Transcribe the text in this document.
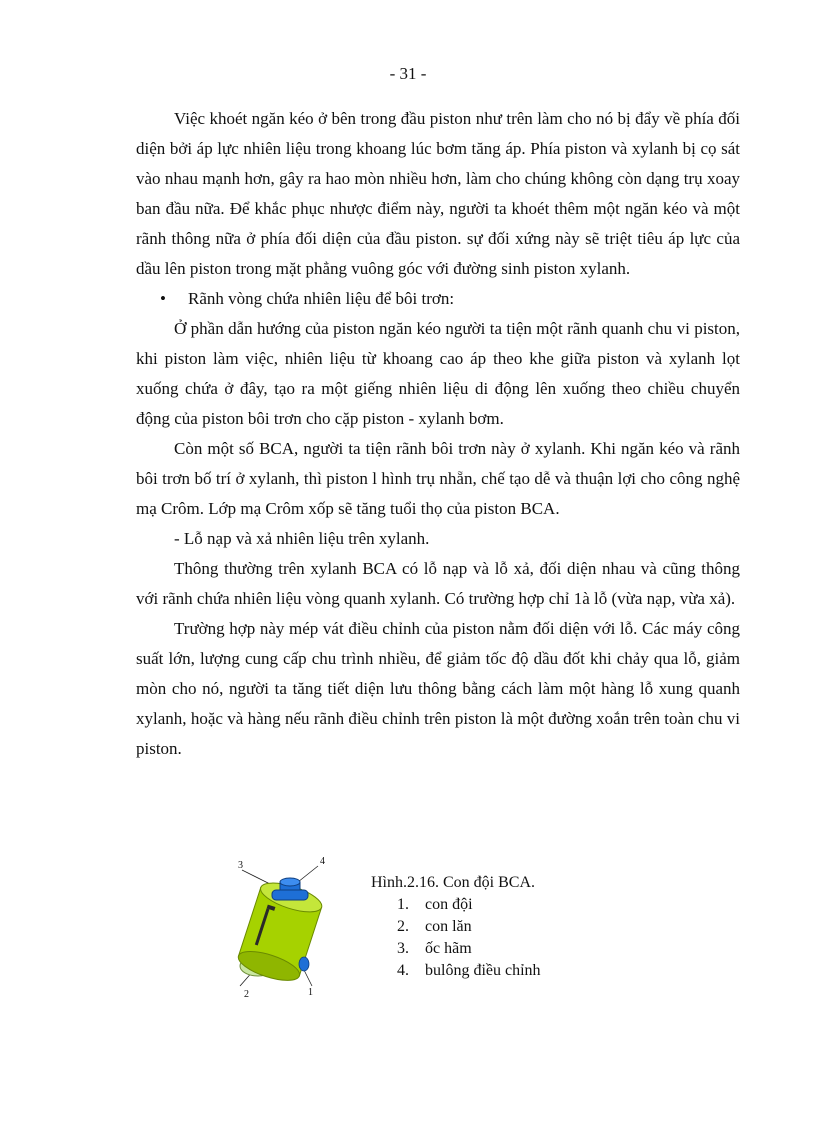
- 31 -

Việc khoét ngăn kéo ở bên trong đầu piston như trên làm cho nó bị đẩy về phía đối diện bởi áp lực nhiên liệu trong khoang lúc bơm tăng áp. Phía piston và xylanh bị cọ sát vào nhau mạnh hơn, gây ra hao mòn nhiều hơn, làm cho chúng không còn dạng trụ xoay ban đầu nữa. Để khắc phục nhược điểm này, người ta khoét thêm một ngăn kéo và một rãnh thông nữa ở phía đối diện của đầu piston. sự đối xứng này sẽ triệt tiêu áp lực của dầu lên piston trong mặt phẳng vuông góc với đường sinh piston xylanh.

• Rãnh vòng chứa nhiên liệu để bôi trơn:

Ở phần dẫn hướng của piston ngăn kéo người ta tiện một rãnh quanh chu vi piston, khi piston làm việc, nhiên liệu từ khoang cao áp theo khe giữa piston và xylanh lọt xuống chứa ở đây, tạo ra một giếng nhiên liệu di động lên xuống theo chiều chuyển động của piston bôi trơn cho cặp piston - xylanh bơm.

Còn một số BCA, người ta tiện rãnh bôi trơn này ở xylanh. Khi ngăn kéo và rãnh bôi trơn bố trí ở xylanh, thì piston l hình trụ nhẵn, chế tạo dễ và thuận lợi cho công nghệ mạ Crôm. Lớp mạ Crôm xốp sẽ tăng tuổi thọ của piston BCA.

- Lỗ nạp và xả nhiên liệu trên xylanh.

Thông thường trên xylanh BCA có lỗ nạp và lỗ xả, đối diện nhau và cũng thông với rãnh chứa nhiên liệu vòng quanh xylanh. Có trường hợp chỉ 1à lỗ (vừa nạp, vừa xả).

Trường hợp này mép vát điều chỉnh của piston nằm đối diện với lỗ. Các máy công suất lớn, lượng cung cấp chu trình nhiều, để giảm tốc độ dầu đốt khi chảy qua lỗ, giảm mòn cho nó, người ta tăng tiết diện lưu thông bằng cách làm một hàng lỗ xung quanh xylanh, hoặc và hàng nếu rãnh điều chỉnh trên piston là một đường xoắn trên toàn chu vi piston.

3	4
2	1

Hình.2.16. Con đội BCA.

1. con đội
2. con lăn
3. ốc hãm
4. bulông điều chỉnh
